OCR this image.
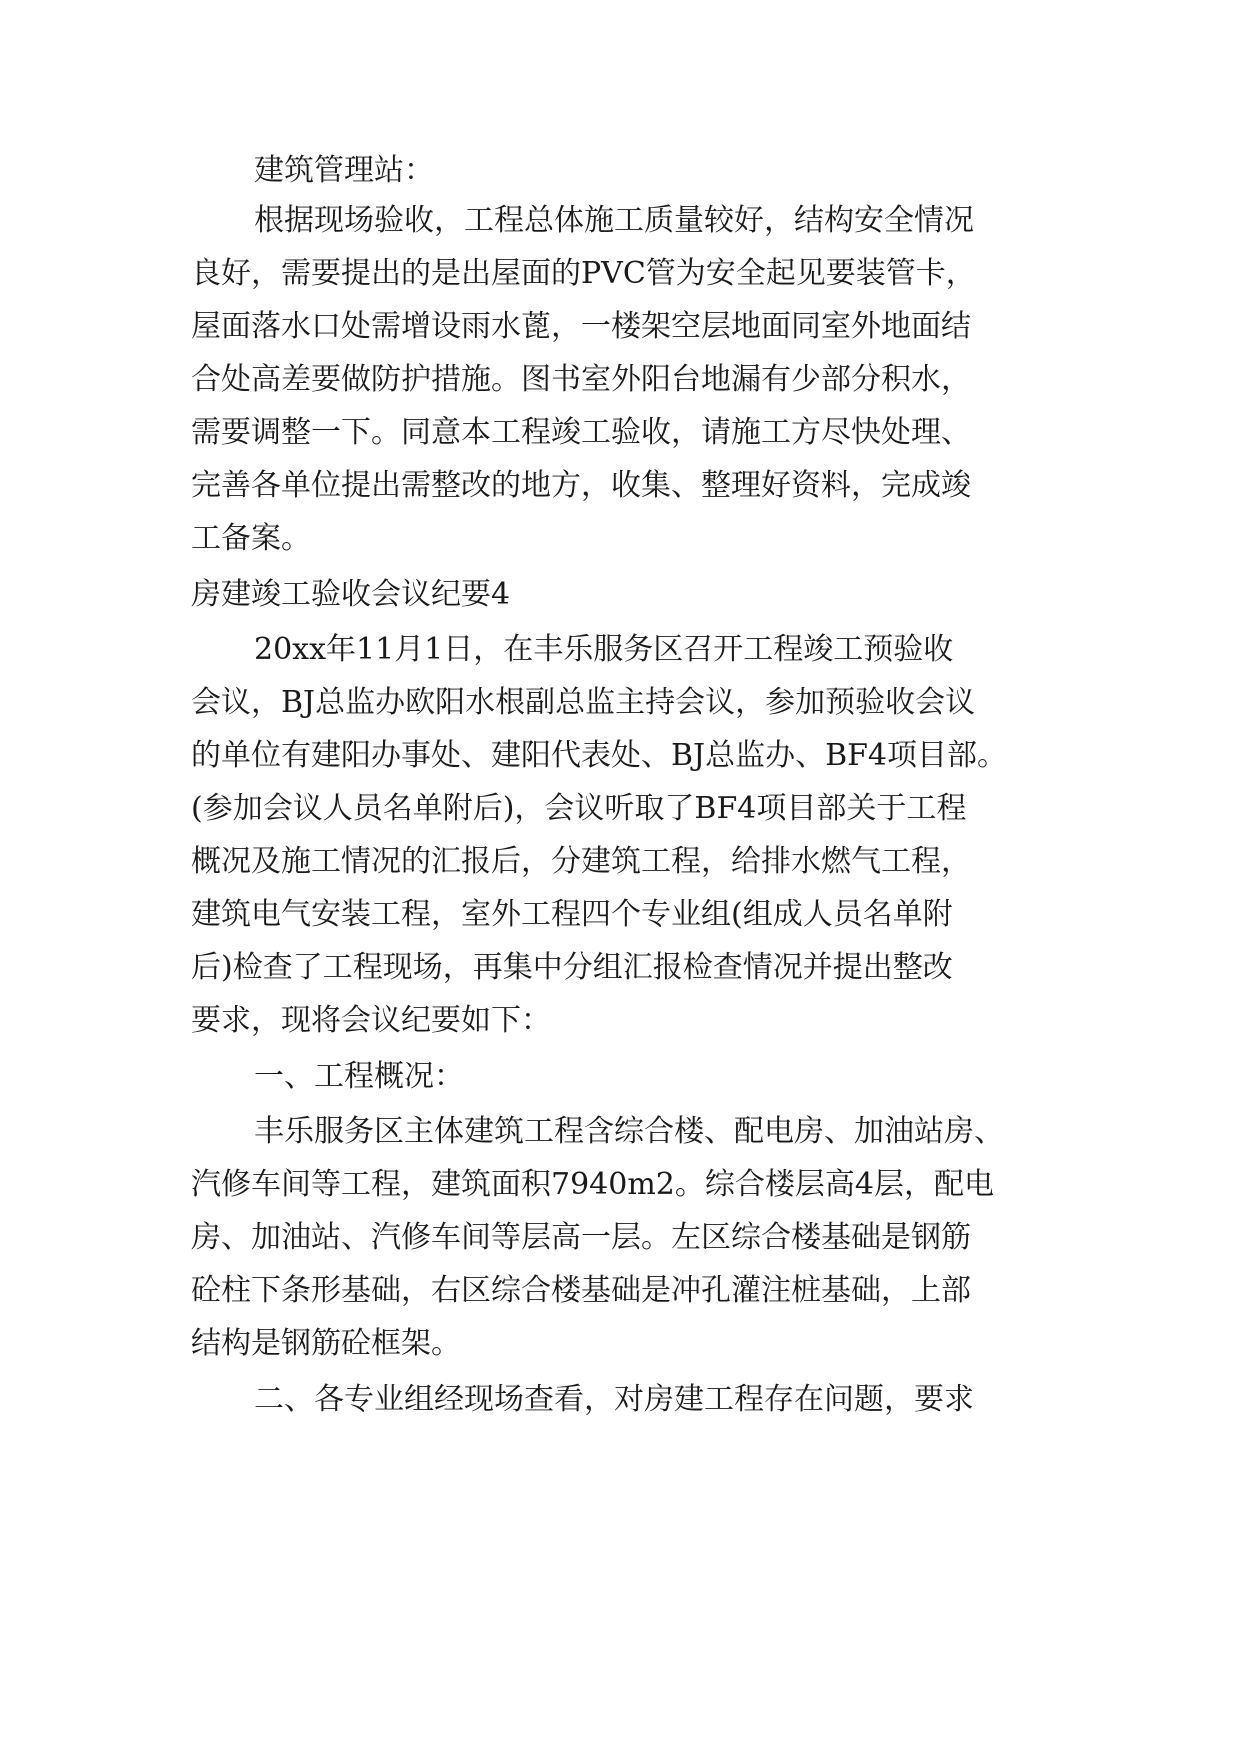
建筑管理站：
根据现场验收，工程总体施工质量较好，结构安全情况
良好，需要提出的是出屋面的PVC管为安全起见要装管卡，
屋面落水口处需增设雨水蓖，一楼架空层地面同室外地面结
合处高差要做防护措施。图书室外阳台地漏有少部分积水，
需要调整一下。同意本工程竣工验收，请施工方尽快处理、
完善各单位提出需整改的地方，收集、整理好资料，完成竣
工备案。
房建竣工验收会议纪要4
20xx年11月1日，在丰乐服务区召开工程竣工预验收
会议，BJ总监办欧阳水根副总监主持会议，参加预验收会议
的单位有建阳办事处、建阳代表处、BJ总监办、BF4项目部。
(参加会议人员名单附后)，会议听取了BF4项目部关于工程
概况及施工情况的汇报后，分建筑工程，给排水燃气工程，
建筑电气安装工程，室外工程四个专业组(组成人员名单附
后)检查了工程现场，再集中分组汇报检查情况并提出整改
要求，现将会议纪要如下：
一、工程概况：
丰乐服务区主体建筑工程含综合楼、配电房、加油站房、
汽修车间等工程，建筑面积7940m2。综合楼层高4层，配电
房、加油站、汽修车间等层高一层。左区综合楼基础是钢筋
砼柱下条形基础，右区综合楼基础是冲孔灌注桩基础，上部
结构是钢筋砼框架。
二、各专业组经现场查看，对房建工程存在问题，要求
